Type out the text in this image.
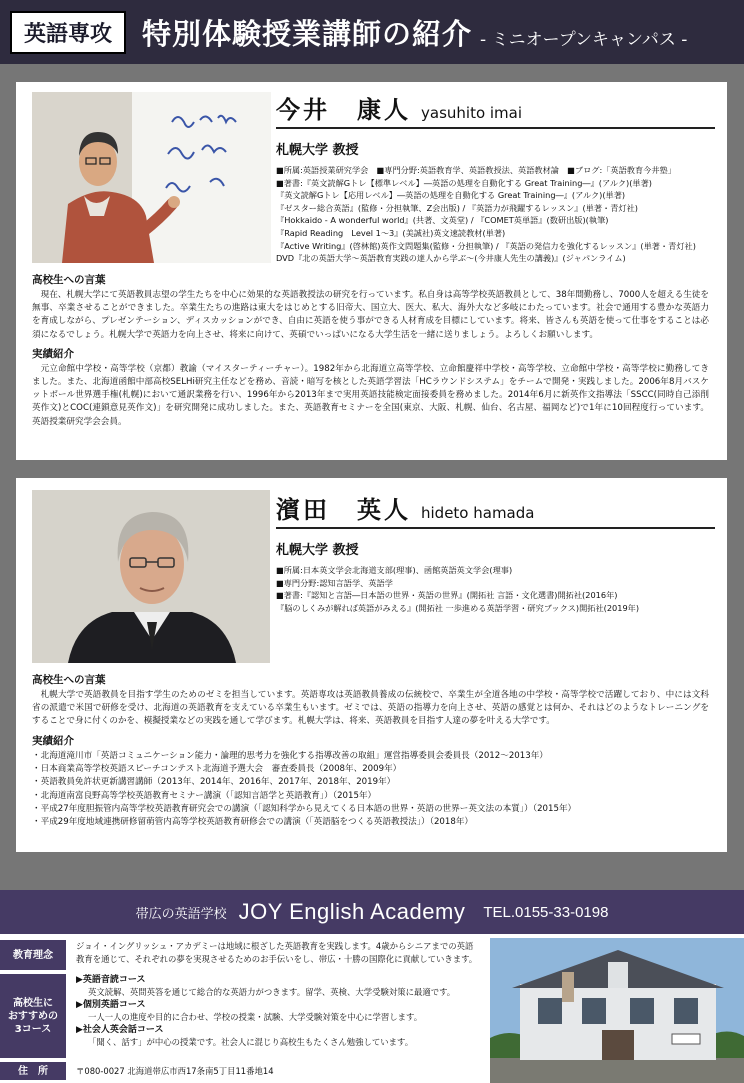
英語専攻	特別体験授業講師の紹介 - ミニオープンキャンパス -
今井　康人 yasuhito imai
札幌大学 教授
■所属:英語授業研究学会　■専門分野:英語教育学、英語教授法、英語教材論　■ブログ:「英語教育今井塾」
■著書:『英文読解Gトレ【標準レベル】―英語の処理を自動化する Great Training―』(アルク)(単著)
『英文読解Gトレ【応用レベル】―英語の処理を自動化する Great Training―』(アルク)(単著)
『ゼスター総合英語』(監修・分担執筆、Z会出版) / 『英語力が飛躍するレッスン』(単著・青灯社)
『Hokkaido - A wonderful world』(共著、文英堂) / 『COMET英単語』(数研出版)(執筆)
『Rapid Reading　Level 1〜3』(美誠社)英文速読教材(単著)
『Active Writing』(啓林館)英作文問題集(監修・分担執筆) / 『英語の発信力を強化するレッスン』(単著・青灯社)
DVD『北の英語大学〜英語教育実践の達人から学ぶ〜(今井康人先生の講義)』(ジャパンライム)
高校生への言葉
現在、札幌大学にて英語教員志望の学生たちを中心に効果的な英語教授法の研究を行っています。私自身は高等学校英語教員として、38年間勤務し、7000人を超える生徒を無事、卒業させることができました。卒業生たちの進路は東大をはじめとする旧帝大、国立大、医大、私大、海外大など多岐にわたっています。社会で通用する豊かな英語力を育成しながら、プレゼンテーション、ディスカッションができ、自由に英語を使う事ができる人材育成を目標にしています。将来、皆さんも英語を使って仕事をすることは必須になるでしょう。札幌大学で英語力を向上させ、将来に向けて、英碩でいっぱいになる大学生活を一緒に送りましょう。よろしくお願いします。
実績紹介
元立命館中学校・高等学校（京都）教諭（マイスターティーチャー）。1982年から北海道立高等学校、立命館慶祥中学校・高等学校、立命館中学校・高等学校に勤務してきました。また、北海道函館中部高校SELHi研究主任などを務め、音読・暗写を核とした英語学習法「HCラウンドシステム」をチームで開発・実践しました。2006年8月バスケットボール世界選手権(札幌)において通訳業務を行い、1996年から2013年まで実用英語技能検定面接委員を務めました。2014年6月に新英作文指導法「SSCC(同時自己添削英作文)とCOC(連鎖意見英作文)」を研究開発に成功しました。また、英語教育セミナーを全国(東京、大阪、札幌、仙台、名古屋、福岡など)で1年に10回程度行っています。英語授業研究学会会員。
濱田　英人 hideto hamada
札幌大学 教授
■所属:日本英文学会北海道支部(理事)、函館英語英文学会(理事)
■専門分野:認知言語学、英語学
■著書:『認知と言語―日本語の世界・英語の世界』(開拓社 言語・文化選書)開拓社(2016年)
『脳のしくみが解れば英語がみえる』(開拓社 一歩進める英語学習・研究ブックス)開拓社(2019年)
高校生への言葉
札幌大学で英語教員を目指す学生のためのゼミを担当しています。英語専攻は英語教員養成の伝統校で、卒業生が全道各地の中学校・高等学校で活躍しており、中には文科省の派遣で米国で研修を受け、北海道の英語教育を支えている卒業生もいます。ゼミでは、英語の指導力を向上させ、英語の感覚とは何か、それはどのようなトレーニングをすることで身に付くのかを、模擬授業などの実践を通して学びます。札幌大学は、将来、英語教員を目指す人達の夢を叶える大学です。
実績紹介
・北海道滝川市「英語コミュニケーション能力・論理的思考力を強化する指導改善の取組」運営指導委員会委員長（2012〜2013年）
・日本商業高等学校英語スピーチコンテスト北海道予選大会　審査委員長（2008年、2009年）
・英語教員免許状更新講習講師（2013年、2014年、2016年、2017年、2018年、2019年）
・北海道南富良野高等学校英語教育セミナー講演（「認知言語学と英語教育」）（2015年）
・平成27年度胆振管内高等学校英語教育研究会での講演（「認知科学から見えてくる日本語の世界・英語の世界ー英文法の本質」）（2015年）
・平成29年度地域連携研修留萌管内高等学校英語教育研修会での講演（「英語脳をつくる英語教授法」）（2018年）
帯広の英語学校 JOY English Academy TEL.0155-33-0198
教育理念
ジョイ・イングリッシュ・アカデミーは地域に根ざした英語教育を実践します。4歳からシニアまでの英語
教育を通じて、それぞれの夢を実現させるためのお手伝いをし、帯広・十勝の国際化に貢献していきます。
高校生に
おすすめの
3コース
▶英語音読コース
英文読解、英問英答を通じて総合的な英語力がつきます。留学、英検、大学受験対策に最適です。
▶個別英語コース
一人一人の進度や目的に合わせ、学校の授業・試験、大学受験対策を中心に学習します。
▶社会人英会話コース
「聞く、話す」が中心の授業です。社会人に混じり高校生もたくさん勉強しています。
住　所	〒080-0027 北海道帯広市西17条南5丁目11番地14
